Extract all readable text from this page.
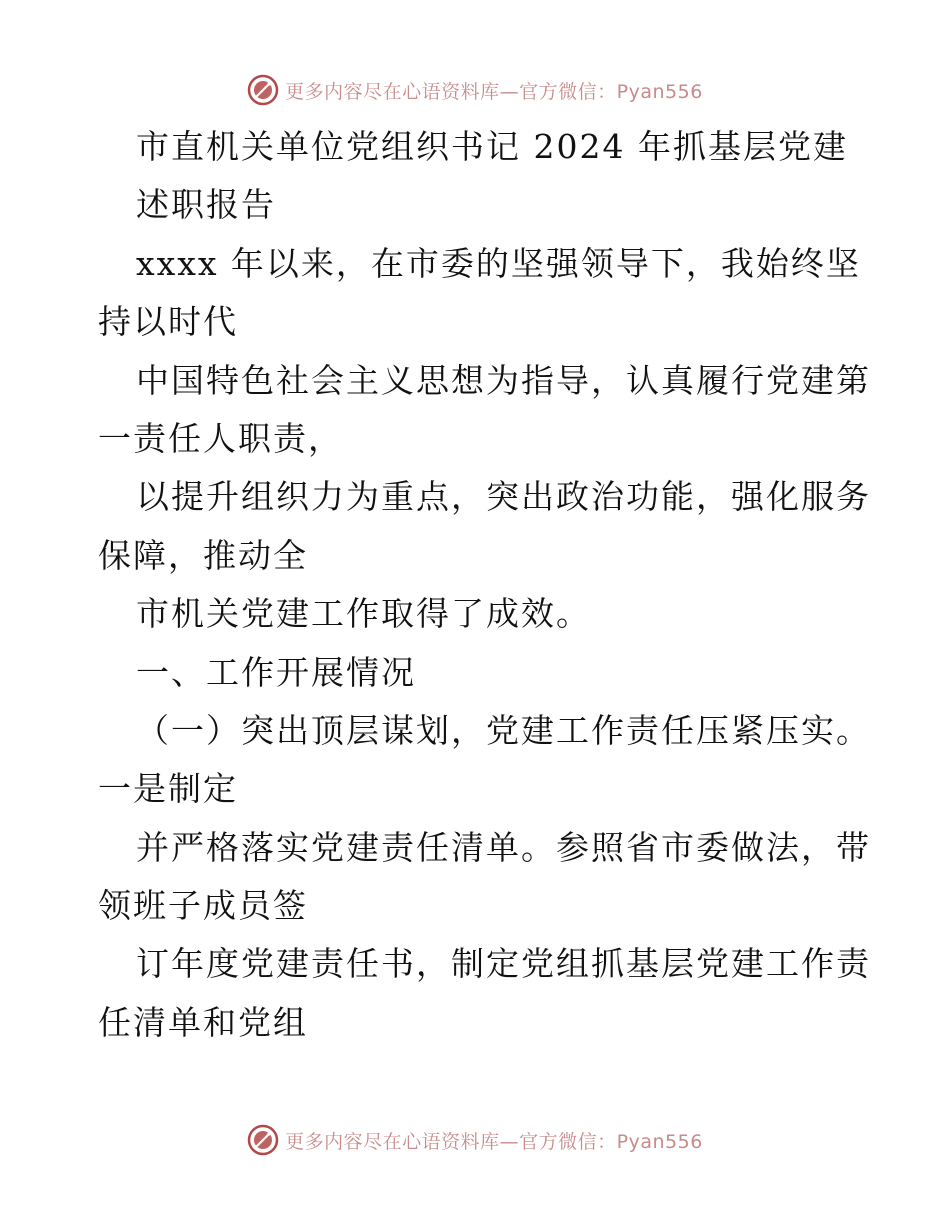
更多内容尽在心语资料库—官方微信：Pyan556
市直机关单位党组织书记 2024 年抓基层党建
述职报告
xxxx 年以来，在市委的坚强领导下，我始终坚
持以时代
中国特色社会主义思想为指导，认真履行党建第
一责任人职责，
以提升组织力为重点，突出政治功能，强化服务
保障，推动全
市机关党建工作取得了成效。
一、工作开展情况
（一）突出顶层谋划，党建工作责任压紧压实。
一是制定
并严格落实党建责任清单。参照省市委做法，带
领班子成员签
订年度党建责任书，制定党组抓基层党建工作责
任清单和党组
更多内容尽在心语资料库—官方微信：Pyan556
